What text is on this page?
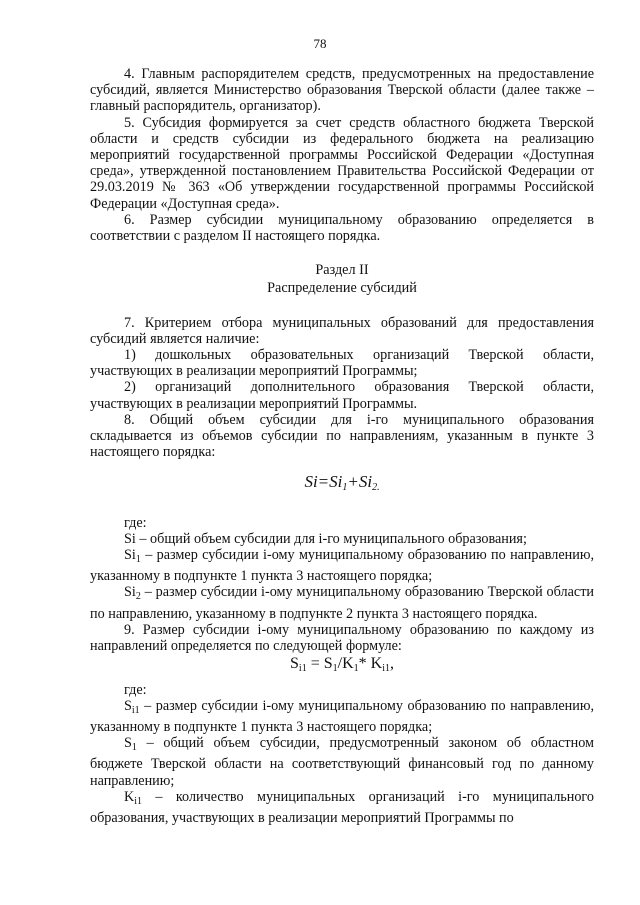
78

4. Главным распорядителем средств, предусмотренных на предоставление субсидий, является Министерство образования Тверской области (далее также – главный распорядитель, организатор).

5. Субсидия формируется за счет средств областного бюджета Тверской области и средств субсидии из федерального бюджета на реализацию мероприятий государственной программы Российской Федерации «Доступная среда», утвержденной постановлением Правительства Российской Федерации от 29.03.2019 № 363 «Об утверждении государственной программы Российской Федерации «Доступная среда».

6. Размер субсидии муниципальному образованию определяется в соответствии с разделом II настоящего порядка.

Раздел II

Распределение субсидий

7. Критерием отбора муниципальных образований для предоставления субсидий является наличие:

1) дошкольных образовательных организаций Тверской области, участвующих в реализации мероприятий Программы;

2) организаций дополнительного образования Тверской области, участвующих в реализации мероприятий Программы.

8. Общий объем субсидии для i-го муниципального образования складывается из объемов субсидии по направлениям, указанным в пункте 3 настоящего порядка:

$Si=Si_1+Si_{2.}$

где:

Si – общий объем субсидии для i-го муниципального образования;

$Si_1$ – размер субсидии i-ому муниципальному образованию по направлению, указанному в подпункте 1 пункта 3 настоящего порядка;

$Si_2$ – размер субсидии i-ому муниципальному образованию Тверской области по направлению, указанному в подпункте 2 пункта 3 настоящего порядка.

9. Размер субсидии i-ому муниципальному образованию по каждому из направлений определяется по следующей формуле:

$S_{i1} = S_1/K_1*$ $K_{i1}$,

где:

$S_{i1}$ – размер субсидии i-ому муниципальному образованию по направлению, указанному в подпункте 1 пункта 3 настоящего порядка;

$S_1$ – общий объем субсидии, предусмотренный законом об областном бюджете Тверской области на соответствующий финансовый год по данному направлению;

$K_{i1}$ – количество муниципальных организаций i-го муниципального образования, участвующих в реализации мероприятий Программы по
